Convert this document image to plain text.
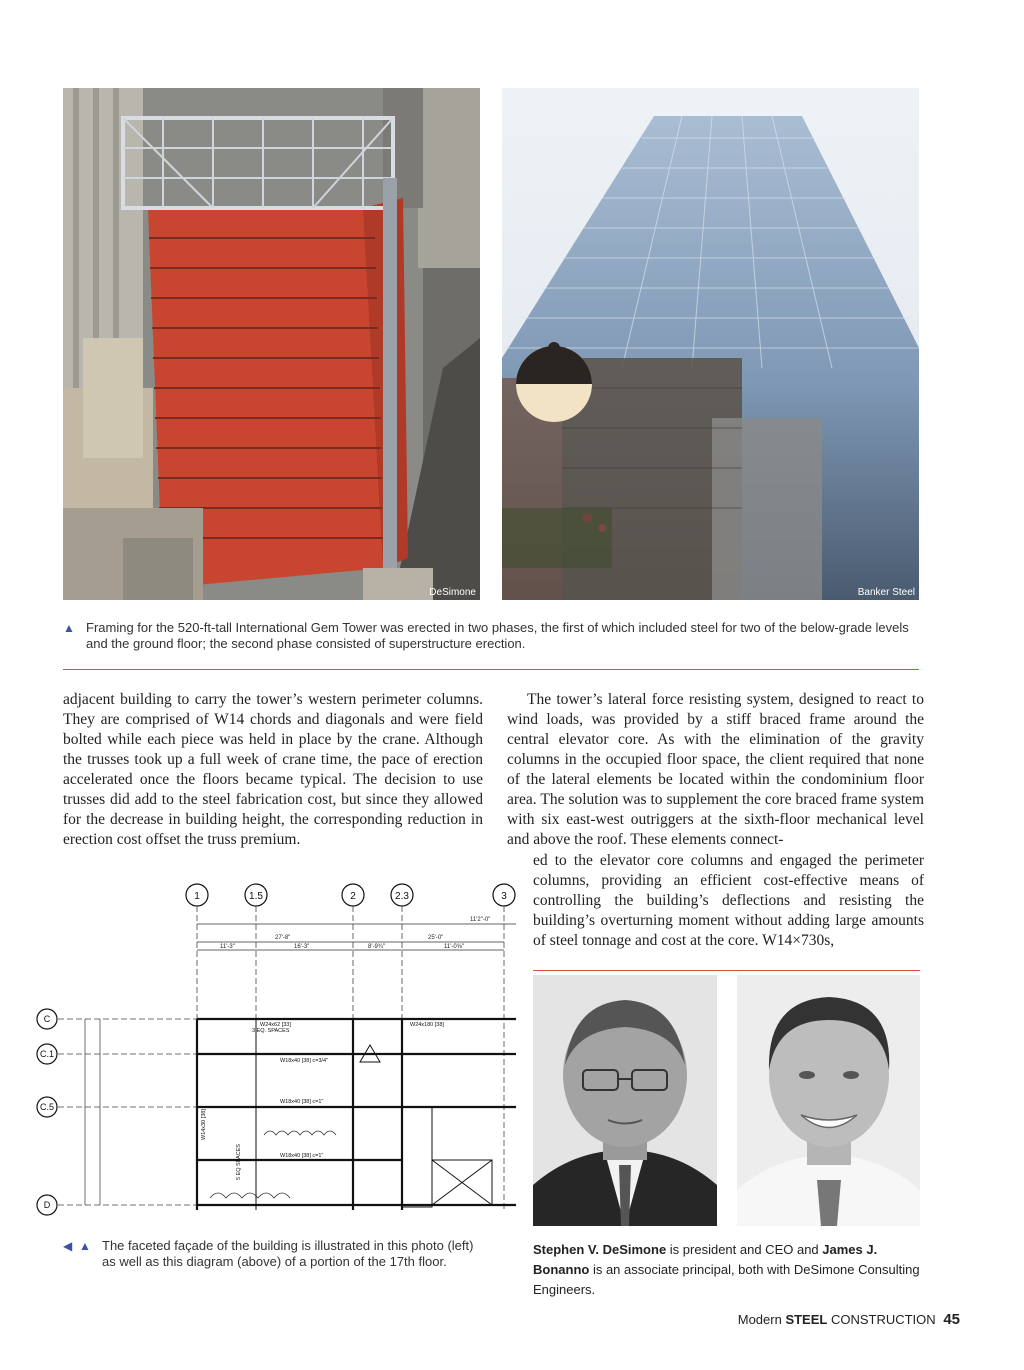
DeSimone	Banker Steel
▲ Framing for the 520-ft-tall International Gem Tower was erected in two phases, the first of which included steel for two of the below-grade levels and the ground floor; the second phase consisted of superstructure erection.
adjacent building to carry the tower’s western perimeter columns. They are comprised of W14 chords and diagonals and were field bolted while each piece was held in place by the crane. Although the trusses took up a full week of crane time, the pace of erection accelerated once the floors became typical. The decision to use trusses did add to the steel fabrication cost, but since they allowed for the decrease in building height, the corresponding reduction in erection cost offset the truss premium.
The tower’s lateral force resisting system, designed to react to wind loads, was provided by a stiff braced frame around the central elevator core. As with the elimination of the gravity columns in the occupied floor space, the client required that none of the lateral elements be located within the condominium floor area. The solution was to supplement the core braced frame system with six east-west outriggers at the sixth-floor mechanical level and above the roof. These elements connect-
ed to the elevator core columns and engaged the perimeter columns, providing an efficient cost-effective means of controlling the building’s deflections and resisting the building’s overturning moment without adding large amounts of steel tonnage and cost at the core. W14×730s,
1	1.5	2	2.3	3
27'-8"
11'-3"	16'-3"	8'-9¾"
25'-0"
11'-0⅝"
11'2"-0"
C
C.1
C.5
D
W24x62 [33]
3 EQ. SPACES
W18x40 [38] c=3/4"
W18x40 [38] c=1"
W18x40 [38] c=1"
W14x30 [38]
5 EQ SPACES
W24x180 [38]
◀ ▲ The faceted façade of the building is illustrated in this photo (left) as well as this diagram (above) of a portion of the 17th floor.
Stephen V. DeSimone is president and CEO and James J. Bonanno is an associate principal, both with DeSimone Consulting Engineers.
Modern STEEL CONSTRUCTION 45
